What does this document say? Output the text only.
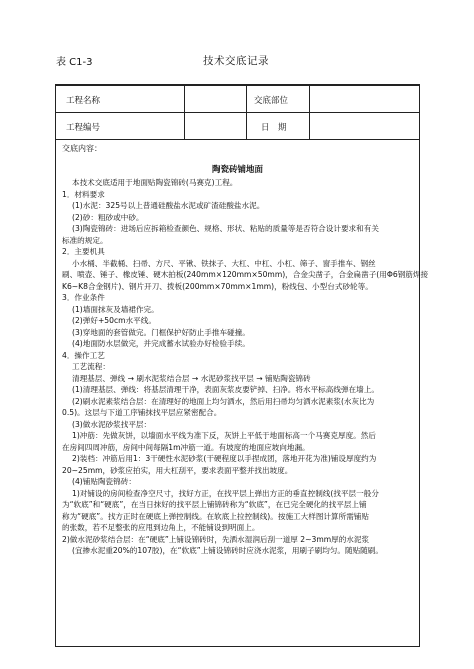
表 C1-3	技术交底记录
工程名称	交底部位
工程编号	日　期
交底内容：
陶瓷砖铺地面
本技术交底适用于地面贴陶瓷锦砖(马赛克)工程。
1．材料要求
(1)水泥：325号以上普通硅酸盐水泥或矿渣硅酸盐水泥。
(2)砂：粗砂或中砂。
(3)陶瓷锦砖：进场后应拆箱检查颜色、规格、形状、粘贴的质量等是否符合设计要求和有关
标准的规定。
2．主要机具
小水桶、半截桶、扫帚、方尺、平锹、铁抹子、大杠、中杠、小杠、筛子、窗手推车、钢丝
刷、喷壶、锤子、橡皮锤、硬木拍板(240mm×120mm×50mm)，合金尖凿子，合金扁凿子(用Φ6钢筋焊接
K6~K8合金钢片)、钢片开刀、拨板(200mm×70mm×1mm)，粉线包、小型台式砂轮等。
3．作业条件
(1)墙面抹灰及墙裙作完。
(2)弹好+50cm水平线。
(3)穿地面的套管做完。门框保护好防止手推车碰撞。
(4)地面防水层做完，并完成蓄水试验办好检验手续。
4．操作工艺
工艺流程：
清理基层、弹线 → 刷水泥浆结合层 → 水泥砂浆找平层 → 铺贴陶瓷锦砖
(1)清理基层、弹线：将基层清理干净，表面灰浆皮要铲掉、扫净。将水平标高线弹在墙上。
(2)刷水泥素浆结合层：在清理好的地面上均匀洒水，然后用扫帚均匀洒水泥素浆(水灰比为
0.5)。这层与下道工序铺抹找平层应紧密配合。
(3)做水泥砂浆找平层：
1)冲筋：先做灰饼，以墙面水平线为准下反，灰饼上平低于地面标高一个马赛克厚度。然后
在房间四周冲筋，房间中间每隔1m冲筋一道。有坡度的地面应坡向地漏。
2)装档：冲筋后用1：3干硬性水泥砂浆(干硬程度以手捏成团，落地开花为准)铺设厚度约为
20~25mm，砂浆应拍实，用大杠刮平，要求表面平整并找出坡度。
(4)铺贴陶瓷锦砖：
1)对铺设的房间检查净空尺寸，找好方正，在找平层上弹出方正的垂直控制线(找平层一般分
为“软底”和“硬底”，在当日抹好的找平层上铺锦砖称为“软底”，在已完全硬化的找平层上铺
称为“硬底”。找方正时在硬底上弹控制线。在软底上拉控制线)。按施工大样图计算所需铺贴
的张数，若不足整张的应甩到边角上，不能铺设到明面上。
2)做水泥砂浆结合层：在“硬底”上铺设锦砖时，先洒水湿润后刮一道厚 2~3mm厚的水泥浆
(宜掺水泥重20%的107胶)，在“软底”上铺设锦砖时应浇水泥浆，用刷子刷均匀。随贴随刷。
